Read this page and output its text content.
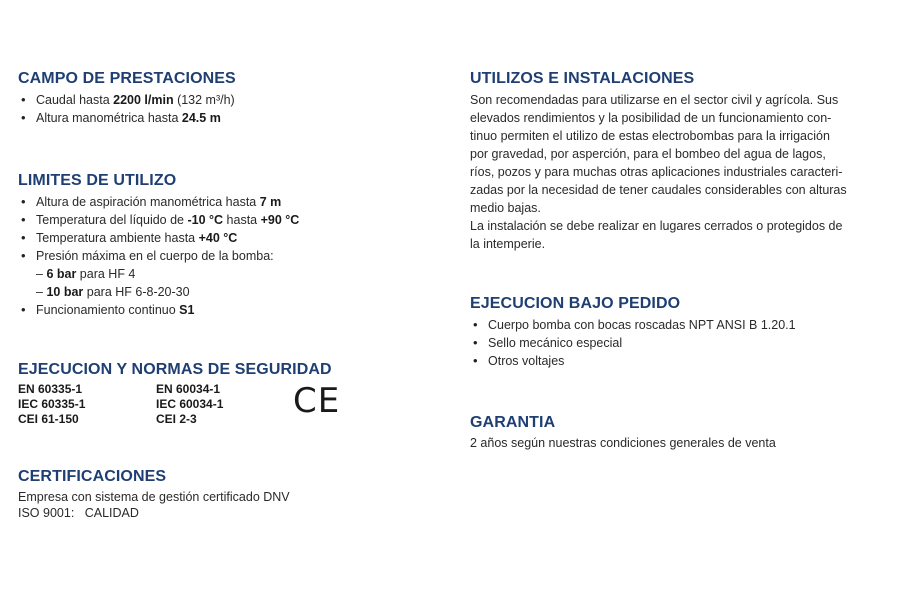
CAMPO DE PRESTACIONES
• Caudal hasta 2200 l/min (132 m³/h)
• Altura manométrica hasta 24.5 m
LIMITES DE UTILIZO
• Altura de aspiración manométrica hasta 7 m
• Temperatura del líquido de -10 °C hasta +90 °C
• Temperatura ambiente hasta +40 °C
• Presión máxima en el cuerpo de la bomba:
– 6 bar para HF 4
– 10 bar para HF 6-8-20-30
• Funcionamiento continuo S1
EJECUCION Y NORMAS DE SEGURIDAD
EN 60335-1
IEC 60335-1
CEI 61-150
EN 60034-1
IEC 60034-1
CEI 2-3	CE
CERTIFICACIONES
Empresa con sistema de gestión certificado DNV
ISO 9001:   CALIDAD
UTILIZOS E INSTALACIONES
Son recomendadas para utilizarse en el sector civil y agrícola. Sus
elevados rendimientos y la posibilidad de un funcionamiento con-
tinuo permiten el utilizo de estas electrobombas para la irrigación
por gravedad, por asperción, para el bombeo del agua de lagos,
ríos, pozos y para muchas otras aplicaciones industriales caracteri-
zadas por la necesidad de tener caudales considerables con alturas
medio bajas.
La instalación se debe realizar en lugares cerrados o protegidos de
la intemperie.
EJECUCION BAJO PEDIDO
• Cuerpo bomba con bocas roscadas NPT ANSI B 1.20.1
• Sello mecánico especial
• Otros voltajes
GARANTIA
2 años según nuestras condiciones generales de venta
